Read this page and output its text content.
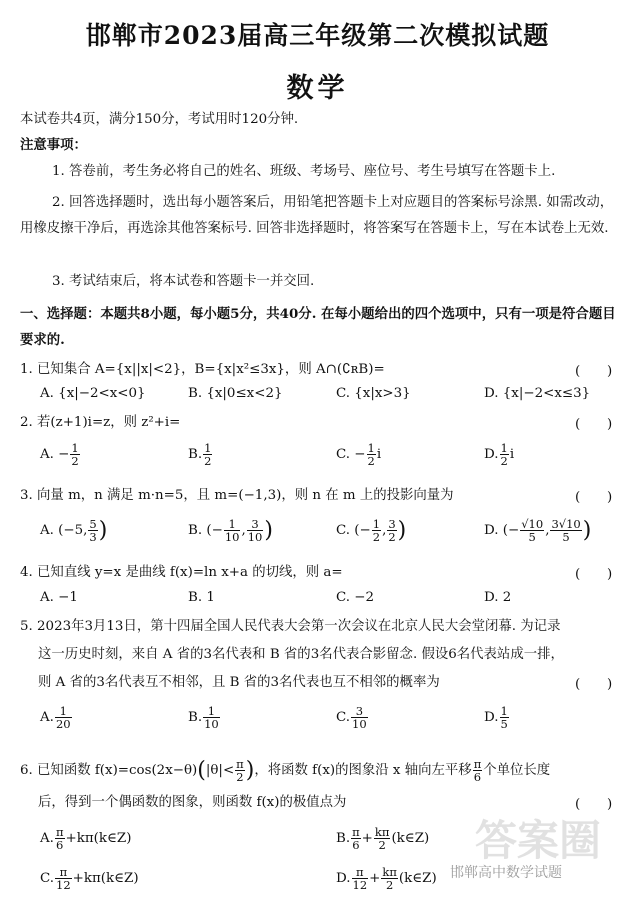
邯郸市2023届高三年级第二次模拟试题
数学
本试卷共4页，满分150分，考试用时120分钟.
注意事项：
1. 答卷前，考生务必将自己的姓名、班级、考场号、座位号、考生号填写在答题卡上.
2. 回答选择题时，选出每小题答案后，用铅笔把答题卡上对应题目的答案标号涂黑. 如需改动，用橡皮擦干净后，再选涂其他答案标号. 回答非选择题时，将答案写在答题卡上，写在本试卷上无效.
3. 考试结束后，将本试卷和答题卡一并交回.
一、选择题：本题共8小题，每小题5分，共40分. 在每小题给出的四个选项中，只有一项是符合题目要求的.
1. 已知集合 A={x||x|<2}，B={x|x²≤3x}，则 A∩(∁ʀB)=	(　　)
A. {x|−2<x<0}	B. {x|0≤x<2}	C. {x|x>3}	D. {x|−2<x≤3}
2. 若(z+1)i=z，则 z²+i=	(　　)
A. − $\frac{1}{2}$	B. $\frac{1}{2}$	C. − $\frac{1}{2}$ i	D. $\frac{1}{2}$ i
3. 向量 m，n 满足 m·n=5，且 m=(−1,3)，则 n 在 m 上的投影向量为	(　　)
A. (−5, $\frac{5}{3}$ )	B. (− $\frac{1}{10}$ , $\frac{3}{10}$ )	C. (− $\frac{1}{2}$ , $\frac{3}{2}$ )	D. (− $\frac{√10}{5}$ , $\frac{3√10}{5}$ )
4. 已知直线 y=x 是曲线 f(x)=ln x+a 的切线，则 a=	(　　)
A. −1	B. 1	C. −2	D. 2
5. 2023年3月13日，第十四届全国人民代表大会第一次会议在北京人民大会堂闭幕. 为记录
这一历史时刻，来自 A 省的3名代表和 B 省的3名代表合影留念. 假设6名代表站成一排，
则 A 省的3名代表互不相邻，且 B 省的3名代表也互不相邻的概率为	(　　)
A. $\frac{1}{20}$	B. $\frac{1}{10}$	C. $\frac{3}{10}$	D. $\frac{1}{5}$
6. 已知函数 $f(x)=\cos(2x-\theta)(|\theta|< \frac{\pi}{2}$ )，将函数 f(x)的图象沿 x 轴向左平移 $\frac{\pi}{6}$ 个单位长度
后，得到一个偶函数的图象，则函数 f(x)的极值点为	(　　)
A. $\frac{\pi}{6}$ +kπ(k∈Z)	B. $\frac{\pi}{6} + \frac{k\pi}{2}$ (k∈Z)
C. $\frac{\pi}{12}$ +kπ(k∈Z)	D. $\frac{\pi}{12} + \frac{k\pi}{2}$ (k∈Z)
答案圈
邯郸高中数学试题
